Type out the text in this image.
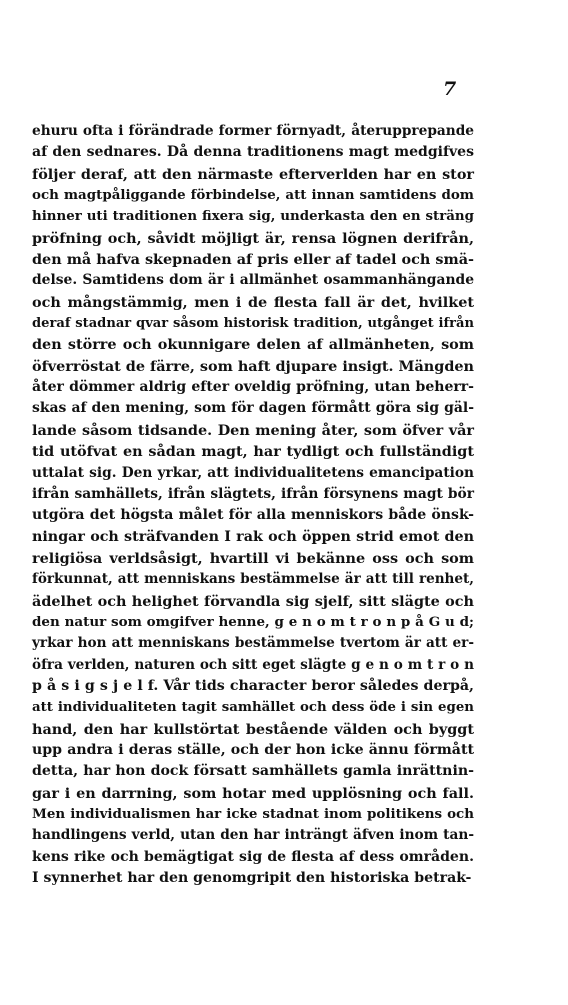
7
ehuru ofta i förändrade former förnyadt, återupprepande
af den sednares. Då denna traditionens magt medgifves
följer deraf, att den närmaste efterverlden har en stor
och magtpåliggande förbindelse, att innan samtidens dom
hinner uti traditionen fixera sig, underkasta den en sträng
pröfning och, såvidt möjligt är, rensa lögnen derifrån,
den må hafva skepnaden af pris eller af tadel och smä-
delse. Samtidens dom är i allmänhet osammanhängande
och mångstämmig, men i de flesta fall är det, hvilket
deraf stadnar qvar såsom historisk tradition, utgånget ifrån
den större och okunnigare delen af allmänheten, som
öfverröstat de färre, som haft djupare insigt. Mängden
åter dömmer aldrig efter oveldig pröfning, utan beherr-
skas af den mening, som för dagen förmått göra sig gäl-
lande såsom tidsande. Den mening åter, som öfver vår
tid utöfvat en sådan magt, har tydligt och fullständigt
uttalat sig. Den yrkar, att individualitetens emancipation
ifrån samhällets, ifrån slägtets, ifrån försynens magt bör
utgöra det högsta målet för alla menniskors både önsk-
ningar och sträfvanden I rak och öppen strid emot den
religiösa verldsåsigt, hvartill vi bekänne oss och som
förkunnat, att menniskans bestämmelse är att till renhet,
ädelhet och helighet förvandla sig sjelf, sitt slägte och
den natur som omgifver henne, g e n o m t r o n p å G u d;
yrkar hon att menniskans bestämmelse tvertom är att er-
öfra verlden, naturen och sitt eget slägte g e n o m t r o n
p å s i g s j e l f. Vår tids character beror således derpå,
att individualiteten tagit samhället och dess öde i sin egen
hand, den har kullstörtat bestående välden och byggt
upp andra i deras ställe, och der hon icke ännu förmått
detta, har hon dock försatt samhällets gamla inrättnin-
gar i en darrning, som hotar med upplösning och fall.
Men individualismen har icke stadnat inom politikens och
handlingens verld, utan den har inträngt äfven inom tan-
kens rike och bemägtigat sig de flesta af dess områden.
I synnerhet har den genomgripit den historiska betrak-
